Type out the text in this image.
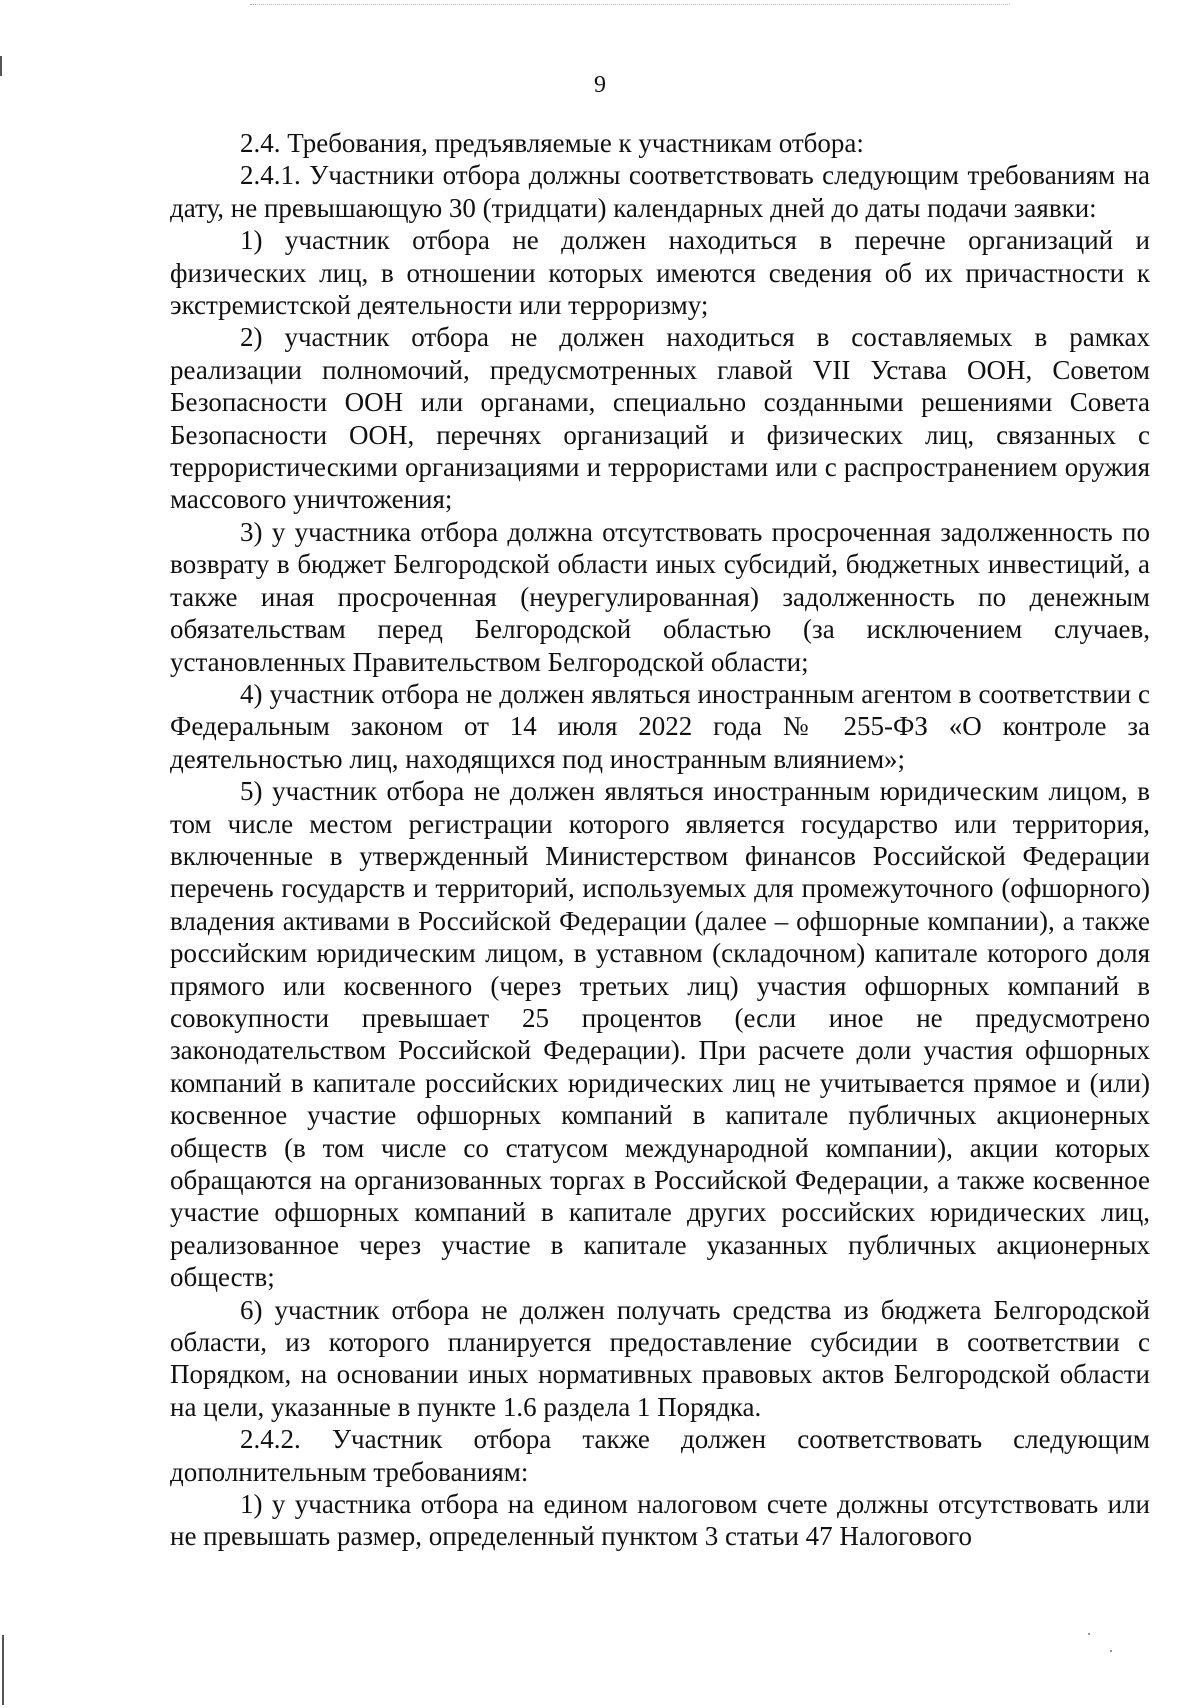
9

2.4. Требования, предъявляемые к участникам отбора:

2.4.1. Участники отбора должны соответствовать следующим требованиям на дату, не превышающую 30 (тридцати) календарных дней до даты подачи заявки:

1) участник отбора не должен находиться в перечне организаций и физических лиц, в отношении которых имеются сведения об их причастности к экстремистской деятельности или терроризму;

2) участник отбора не должен находиться в составляемых в рамках реализации полномочий, предусмотренных главой VII Устава ООН, Советом Безопасности ООН или органами, специально созданными решениями Совета Безопасности ООН, перечнях организаций и физических лиц, связанных с террористическими организациями и террористами или с распространением оружия массового уничтожения;

3) у участника отбора должна отсутствовать просроченная задолженность по возврату в бюджет Белгородской области иных субсидий, бюджетных инвестиций, а также иная просроченная (неурегулированная) задолженность по денежным обязательствам перед Белгородской областью (за исключением случаев, установленных Правительством Белгородской области;

4) участник отбора не должен являться иностранным агентом в соответствии с Федеральным законом от 14 июля 2022 года № 255-ФЗ «О контроле за деятельностью лиц, находящихся под иностранным влиянием»;

5) участник отбора не должен являться иностранным юридическим лицом, в том числе местом регистрации которого является государство или территория, включенные в утвержденный Министерством финансов Российской Федерации перечень государств и территорий, используемых для промежуточного (офшорного) владения активами в Российской Федерации (далее – офшорные компании), а также российским юридическим лицом, в уставном (складочном) капитале которого доля прямого или косвенного (через третьих лиц) участия офшорных компаний в совокупности превышает 25 процентов (если иное не предусмотрено законодательством Российской Федерации). При расчете доли участия офшорных компаний в капитале российских юридических лиц не учитывается прямое и (или) косвенное участие офшорных компаний в капитале публичных акционерных обществ (в том числе со статусом международной компании), акции которых обращаются на организованных торгах в Российской Федерации, а также косвенное участие офшорных компаний в капитале других российских юридических лиц, реализованное через участие в капитале указанных публичных акционерных обществ;

6) участник отбора не должен получать средства из бюджета Белгородской области, из которого планируется предоставление субсидии в соответствии с Порядком, на основании иных нормативных правовых актов Белгородской области на цели, указанные в пункте 1.6 раздела 1 Порядка.

2.4.2. Участник отбора также должен соответствовать следующим дополнительным требованиям:

1) у участника отбора на едином налоговом счете должны отсутствовать или не превышать размер, определенный пунктом 3 статьи 47 Налогового
